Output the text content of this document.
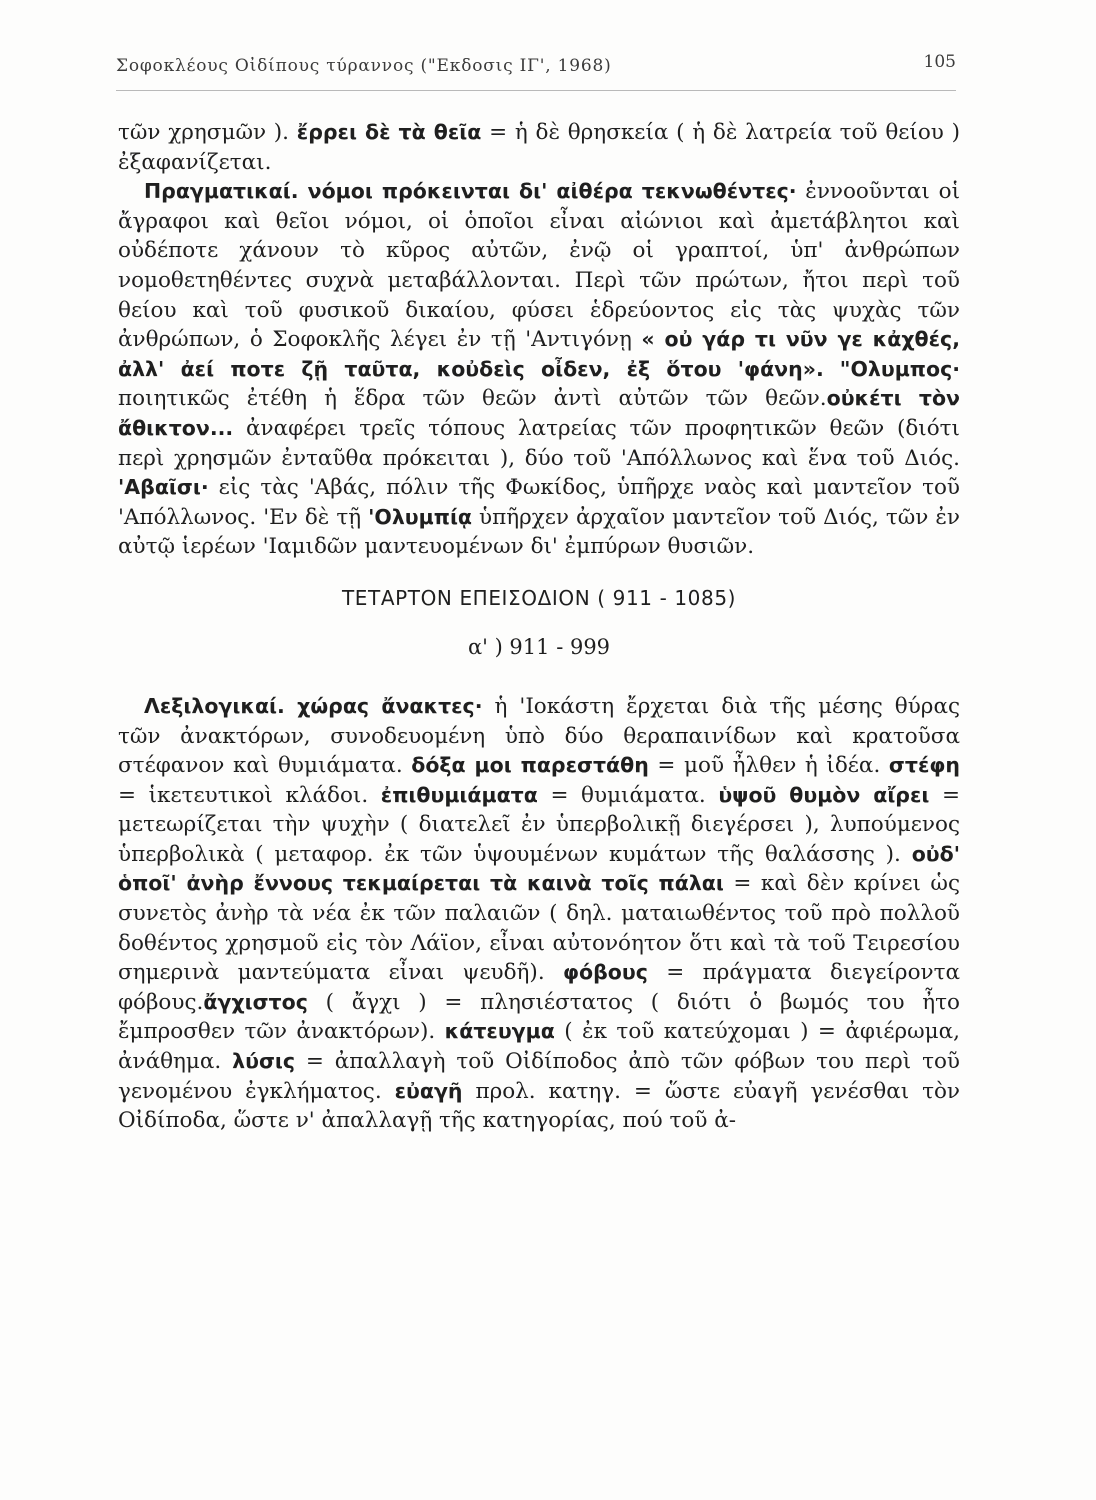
Σοφοκλέους Οἰδίπους τύραννος ("Εκδοσις ΙΓ', 1968)	105

τῶν χρησμῶν ). ἔρρει δὲ τὰ θεῖα = ἡ δὲ θρησκεία ( ἡ δὲ λατρεία τοῦ θείου ) ἐξαφανίζεται.

Πραγματικαί. νόμοι πρόκεινται δι' αἰθέρα τεκνωθέντες· ἐννοοῦνται οἱ ἄγραφοι καὶ θεῖοι νόμοι, οἱ ὁποῖοι εἶναι αἰώνιοι καὶ ἀμετάβλητοι καὶ οὐδέποτε χάνουν τὸ κῦρος αὐτῶν, ἐνῷ οἱ γραπτοί, ὑπ' ἀνθρώπων νομοθετηθέντες συχνὰ μεταβάλλονται. Περὶ τῶν πρώτων, ἤτοι περὶ τοῦ θείου καὶ τοῦ φυσικοῦ δικαίου, φύσει ἑδρεύοντος εἰς τὰς ψυχὰς τῶν ἀνθρώπων, ὁ Σοφοκλῆς λέγει ἐν τῇ 'Αντιγόνῃ « οὐ γάρ τι νῦν γε κἀχθές, ἀλλ' ἀεί ποτε ζῇ ταῦτα, κοὐδεὶς οἶδεν, ἐξ ὅτου 'φάνη». "Ολυμπος· ποιητικῶς ἐτέθη ἡ ἕδρα τῶν θεῶν ἀντὶ αὐτῶν τῶν θεῶν.οὐκέτι τὸν ἄθικτον... ἀναφέρει τρεῖς τόπους λατρείας τῶν προφητικῶν θεῶν (διότι περὶ χρησμῶν ἐνταῦθα πρόκειται ), δύο τοῦ 'Απόλλωνος καὶ ἕνα τοῦ Διός. 'Αβαῖσι· εἰς τὰς 'Αβάς, πόλιν τῆς Φωκίδος, ὑπῆρχε ναὸς καὶ μαντεῖον τοῦ 'Απόλλωνος. 'Εν δὲ τῇ 'Ολυμπίᾳ ὑπῆρχεν ἀρχαῖον μαντεῖον τοῦ Διός, τῶν ἐν αὐτῷ ἱερέων 'Ιαμιδῶν μαντευομένων δι' ἐμπύρων θυσιῶν.

ΤΕΤΑΡΤΟΝ ΕΠΕΙΣΟΔΙΟΝ ( 911 - 1085)
α' ) 911 - 999

Λεξιλογικαί. χώρας ἄνακτες· ἡ 'Ιοκάστη ἔρχεται διὰ τῆς μέσης θύρας τῶν ἀνακτόρων, συνοδευομένη ὑπὸ δύο θεραπαινίδων καὶ κρατοῦσα στέφανον καὶ θυμιάματα. δόξα μοι παρεστάθη = μοῦ ἦλθεν ἡ ἰδέα. στέφη = ἱκετευτικοὶ κλάδοι. ἐπιθυμιάματα = θυμιάματα. ὑψοῦ θυμὸν αἴρει = μετεωρίζεται τὴν ψυχὴν ( διατελεῖ ἐν ὑπερβολικῇ διεγέρσει ), λυπούμενος ὑπερβολικὰ ( μεταφορ. ἐκ τῶν ὑψουμένων κυμάτων τῆς θαλάσσης ). οὐδ' ὁποῖ' ἀνὴρ ἔννους τεκμαίρεται τὰ καινὰ τοῖς πάλαι = καὶ δὲν κρίνει ὡς συνετὸς ἀνὴρ τὰ νέα ἐκ τῶν παλαιῶν ( δηλ. ματαιωθέντος τοῦ πρὸ πολλοῦ δοθέντος χρησμοῦ εἰς τὸν Λάϊον, εἶναι αὐτονόητον ὅτι καὶ τὰ τοῦ Τειρεσίου σημερινὰ μαντεύματα εἶναι ψευδῆ). φόβους = πράγματα διεγείροντα φόβους.ἄγχιστος ( ἄγχι ) = πλησιέστατος ( διότι ὁ βωμός του ἦτο ἔμπροσθεν τῶν ἀνακτόρων). κάτευγμα ( ἐκ τοῦ κατεύχομαι ) = ἀφιέρωμα, ἀνάθημα. λύσις = ἀπαλλαγὴ τοῦ Οἰδίποδος ἀπὸ τῶν φόβων του περὶ τοῦ γενομένου ἐγκλήματος. εὐαγῆ προλ. κατηγ. = ὥστε εὐαγῆ γενέσθαι τὸν Οἰδίποδα, ὥστε ν' ἀπαλλαγῇ τῆς κατηγορίας, πού τοῦ ἀ-
